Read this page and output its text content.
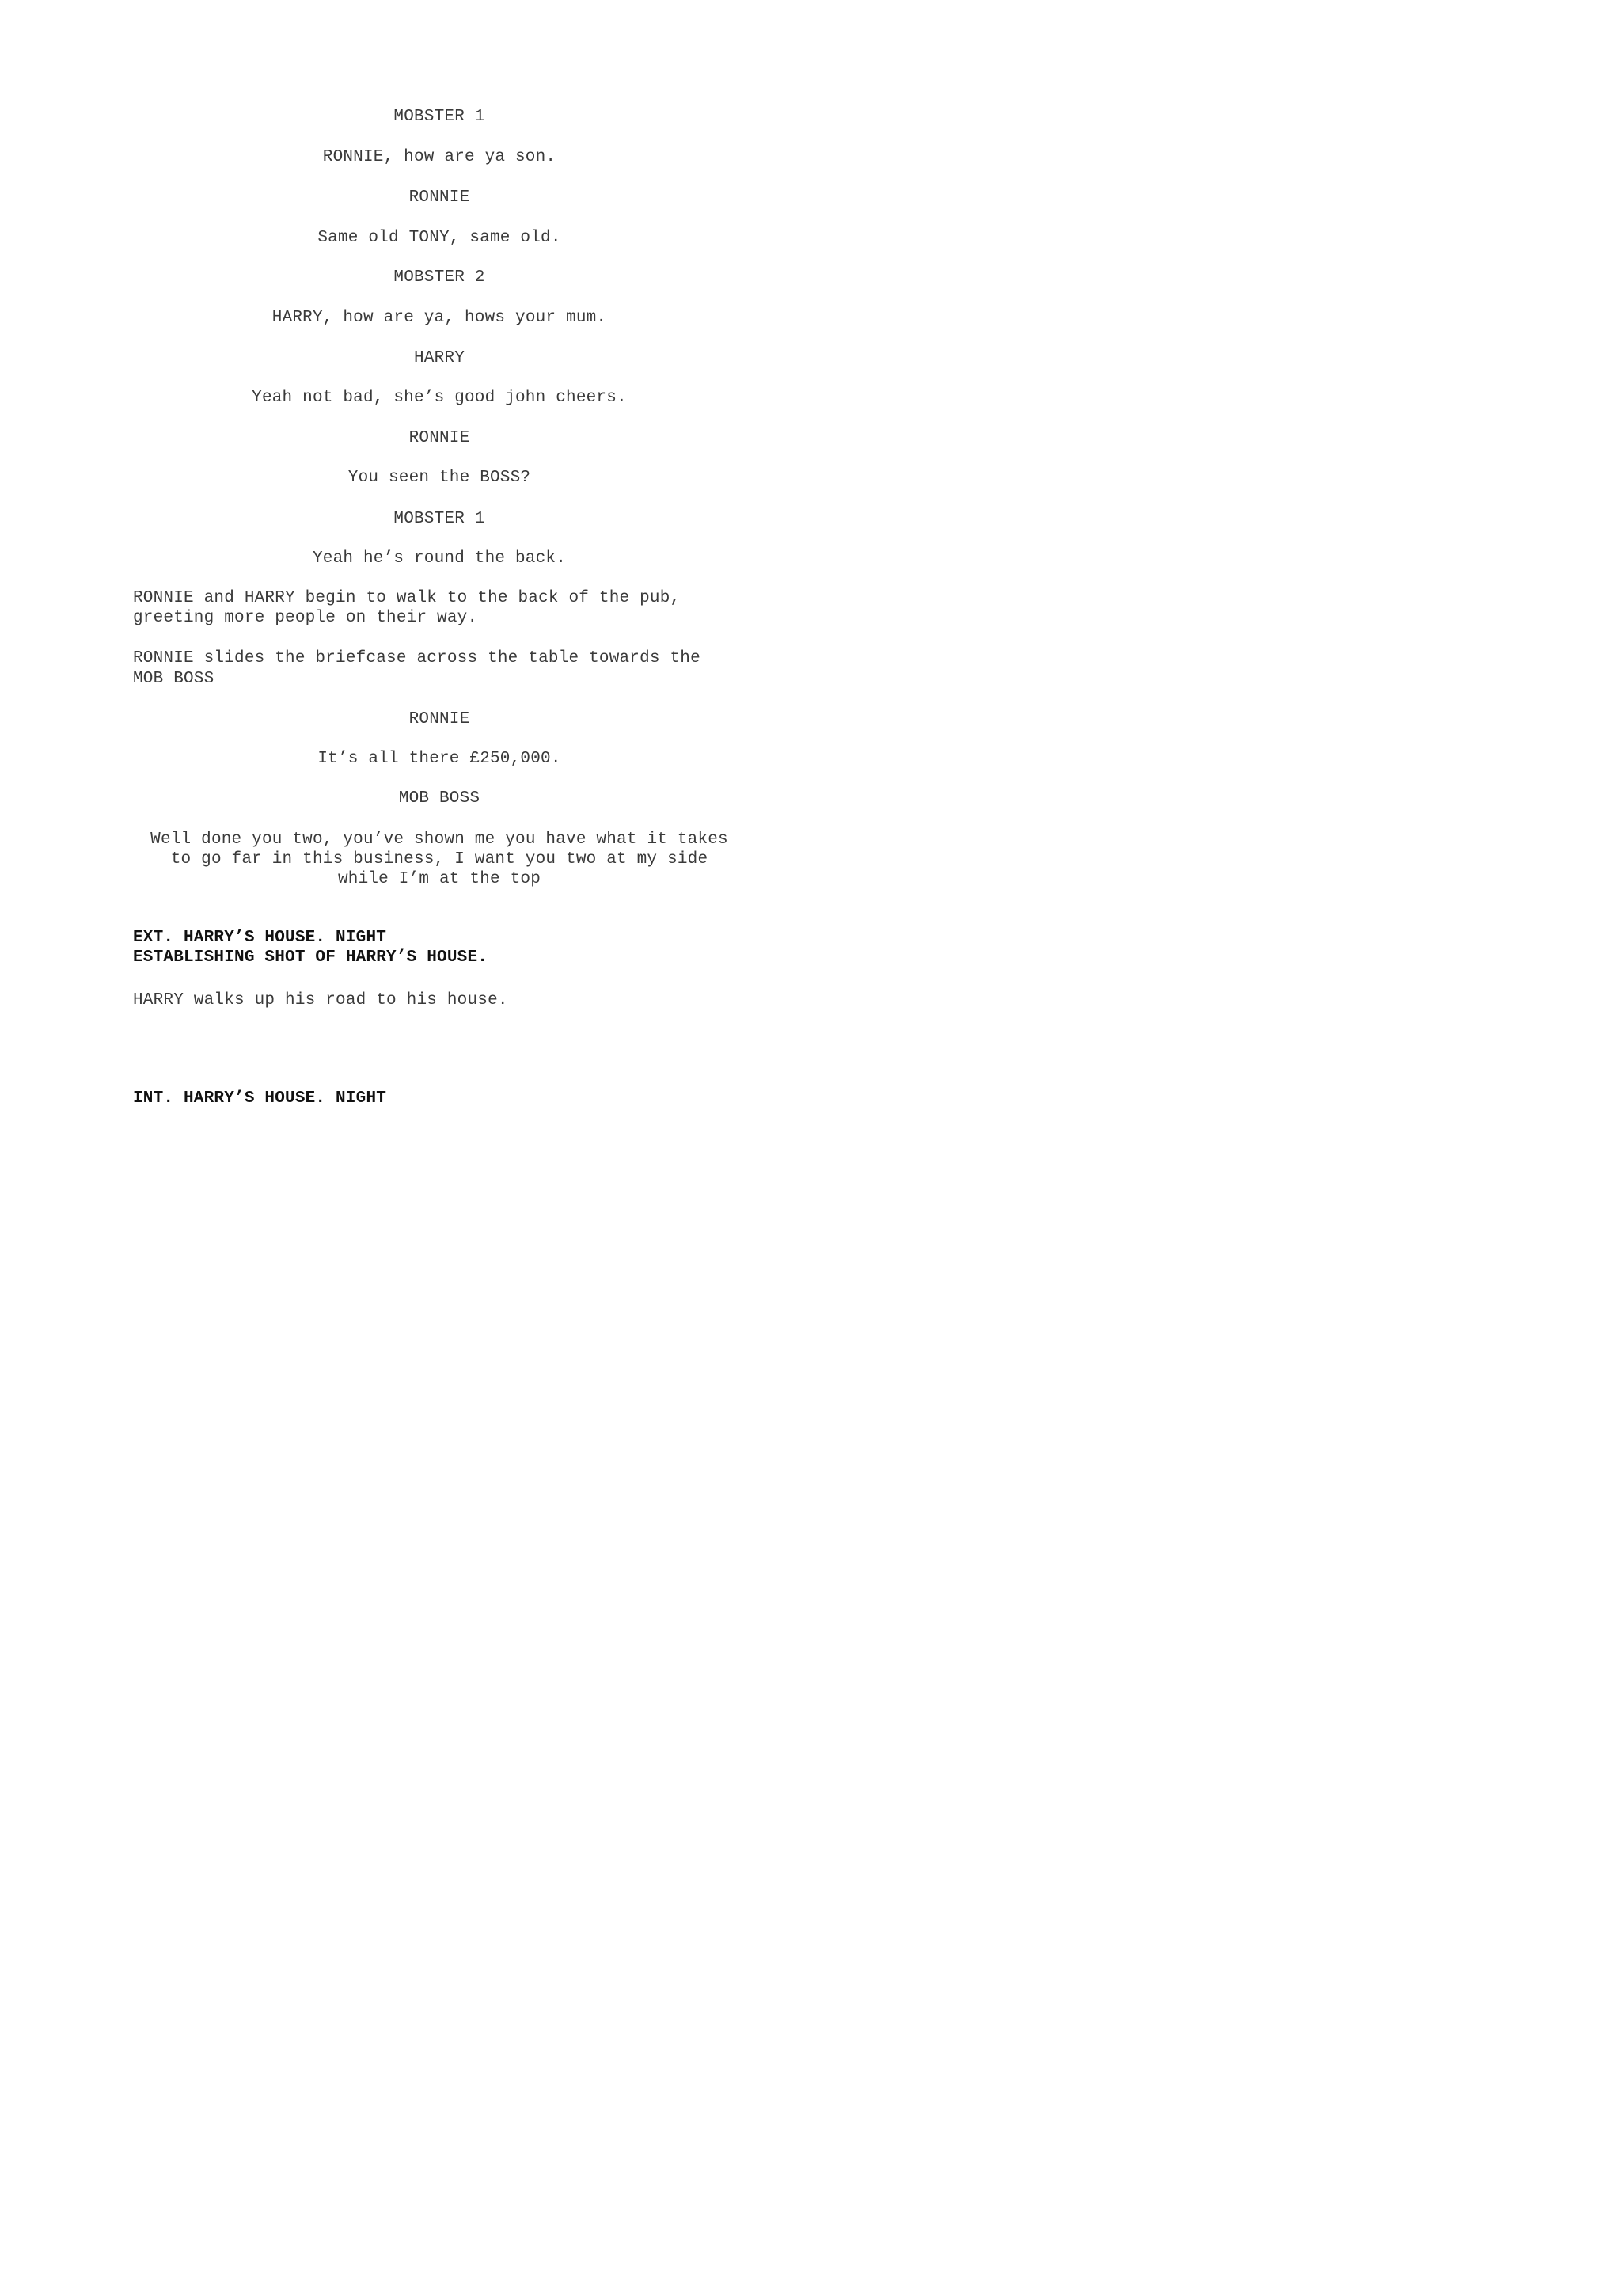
MOBSTER 1
RONNIE, how are ya son.
RONNIE
Same old TONY, same old.
MOBSTER 2
HARRY, how are ya, hows your mum.
HARRY
Yeah not bad, she’s good john cheers.
RONNIE
You seen the BOSS?
MOBSTER 1
Yeah he’s round the back.
RONNIE and HARRY begin to walk to the back of the pub,
greeting more people on their way.
RONNIE slides the briefcase across the table towards the
MOB BOSS
RONNIE
It’s all there £250,000.
MOB BOSS
Well done you two, you’ve shown me you have what it takes
to go far in this business, I want you two at my side
while I’m at the top
EXT. HARRY’S HOUSE. NIGHT
ESTABLISHING SHOT OF HARRY’S HOUSE.
HARRY walks up his road to his house.
INT. HARRY’S HOUSE. NIGHT
